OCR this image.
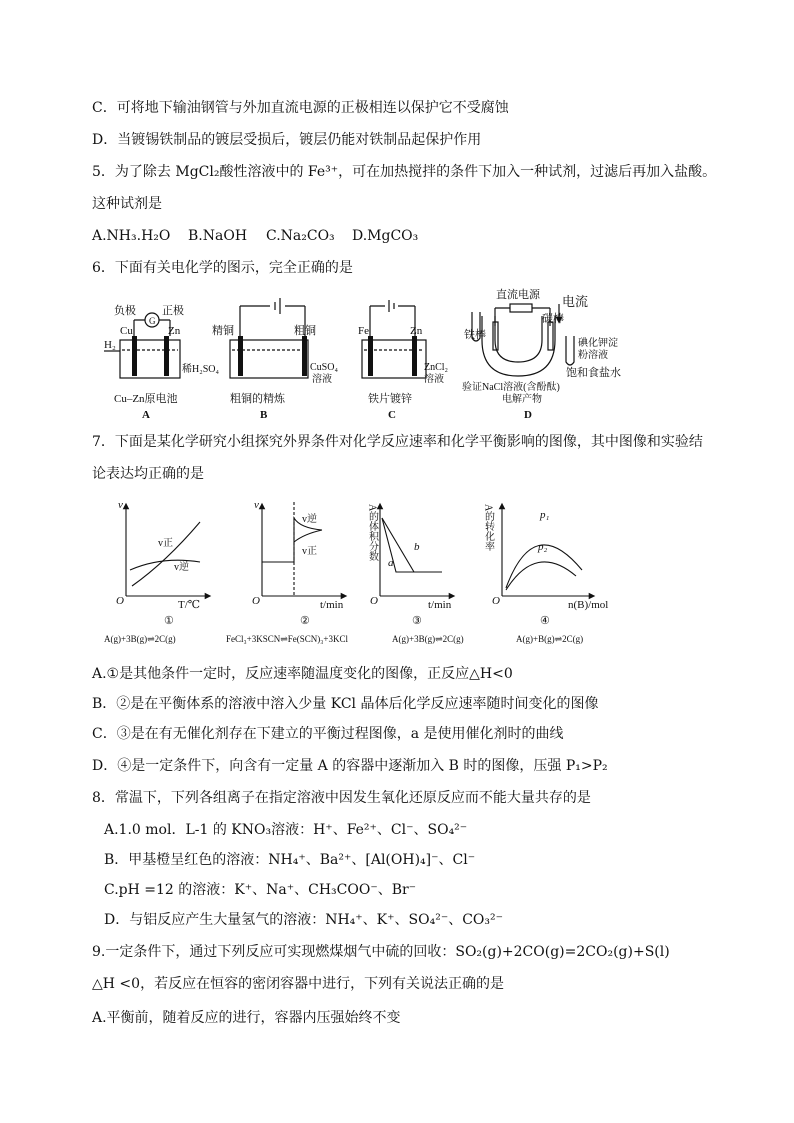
C．可将地下输油钢管与外加直流电源的正极相连以保护它不受腐蚀
D．当镀锡铁制品的镀层受损后，镀层仍能对铁制品起保护作用
5．为了除去 MgCl₂酸性溶液中的 Fe³⁺，可在加热搅拌的条件下加入一种试剂，过滤后再加入盐酸。
这种试剂是
A.NH₃.H₂O B.NaOH C.Na₂CO₃ D.MgCO₃
6．下面有关电化学的图示，完全正确的是
负极
G
正极
Cu	Zn
H₂
稀H₂SO₄
Cu–Zn原电池
A
精铜	粗铜
CuSO₄
溶液
粗铜的精炼
B
Fe	Zn
ZnCl₂
溶液
铁片镀锌
C
直流电源 电流
碳棒
铁棒
碘化钾淀
粉溶液
饱和食盐水
验证NaCl溶液(含酚酞)
电解产物
D
7．下面是某化学研究小组探究外界条件对化学反应速率和化学平衡影响的图像，其中图像和实验结
论表达均正确的是
v
v正
v逆
O	T/℃
①
A(g)+3B(g)⇌2C(g)
v
v逆
v正
O	t/min
②
FeCl₃+3KSCN⇌Fe(SCN)₃+3KCl
A的体积分数
a
b
O	t/min
③
A(g)+3B(g)⇌2C(g)
A的转化率	p₁
p₂
O	n(B)/mol
④
A(g)+B(g)⇌2C(g)
A.①是其他条件一定时，反应速率随温度变化的图像，正反应△H<0
B．②是在平衡体系的溶液中溶入少量 KCl 晶体后化学反应速率随时间变化的图像
C．③是在有无催化剂存在下建立的平衡过程图像，a 是使用催化剂时的曲线
D．④是一定条件下，向含有一定量 A 的容器中逐渐加入 B 时的图像，压强 P₁>P₂
8．常温下，下列各组离子在指定溶液中因发生氧化还原反应而不能大量共存的是
A.1.0 mol．L-1 的 KNO₃溶液：H⁺、Fe²⁺、Cl⁻、SO₄²⁻
B．甲基橙呈红色的溶液：NH₄⁺、Ba²⁺、[Al(OH)₄]⁻、Cl⁻
C.pH =12 的溶液：K⁺、Na⁺、CH₃COO⁻、Br⁻
D．与铝反应产生大量氢气的溶液：NH₄⁺、K⁺、SO₄²⁻、CO₃²⁻
9.一定条件下，通过下列反应可实现燃煤烟气中硫的回收：SO₂(g)+2CO(g)=2CO₂(g)+S(l)
△H <0，若反应在恒容的密闭容器中进行，下列有关说法正确的是
A.平衡前，随着反应的进行，容器内压强始终不变
